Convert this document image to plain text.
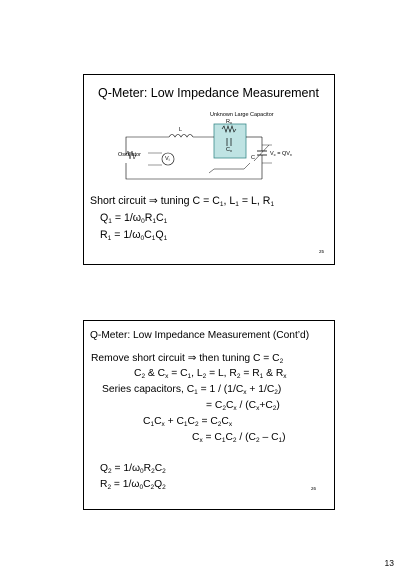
Q-Meter: Low Impedance Measurement
Unknown Large Capacitor
$R_x$
L
$C_x$
C
Oscillator
$V_i$
$V_c = QV_x$
Short circuit ⇒ tuning $C = C_1$, $L_1 = L$, $R_1$
$Q_1 = 1/\omega_0R_1C_1$
$R_1 = 1/\omega_0C_1Q_1$
25
Q-Meter: Low Impedance Measurement (Cont’d)
Remove short circuit ⇒ then tuning $C = C_2$
$C_2$ & $C_x = C_1$, $L_2 = L$, $R_2 = R_1$ & $R_x$
Series capacitors, $C_1 = 1 / (1/C_x + 1/C_2)$
= $C_2C_x / (C_x+C_2)$
$C_1C_x + C_1C_2 = C_2C_x$
$C_x = C_1C_2 / (C_2 - C_1)$
$Q_2 = 1/\omega_0R_2C_2$
$R_2 = 1/\omega_0C_2Q_2$	26
13
